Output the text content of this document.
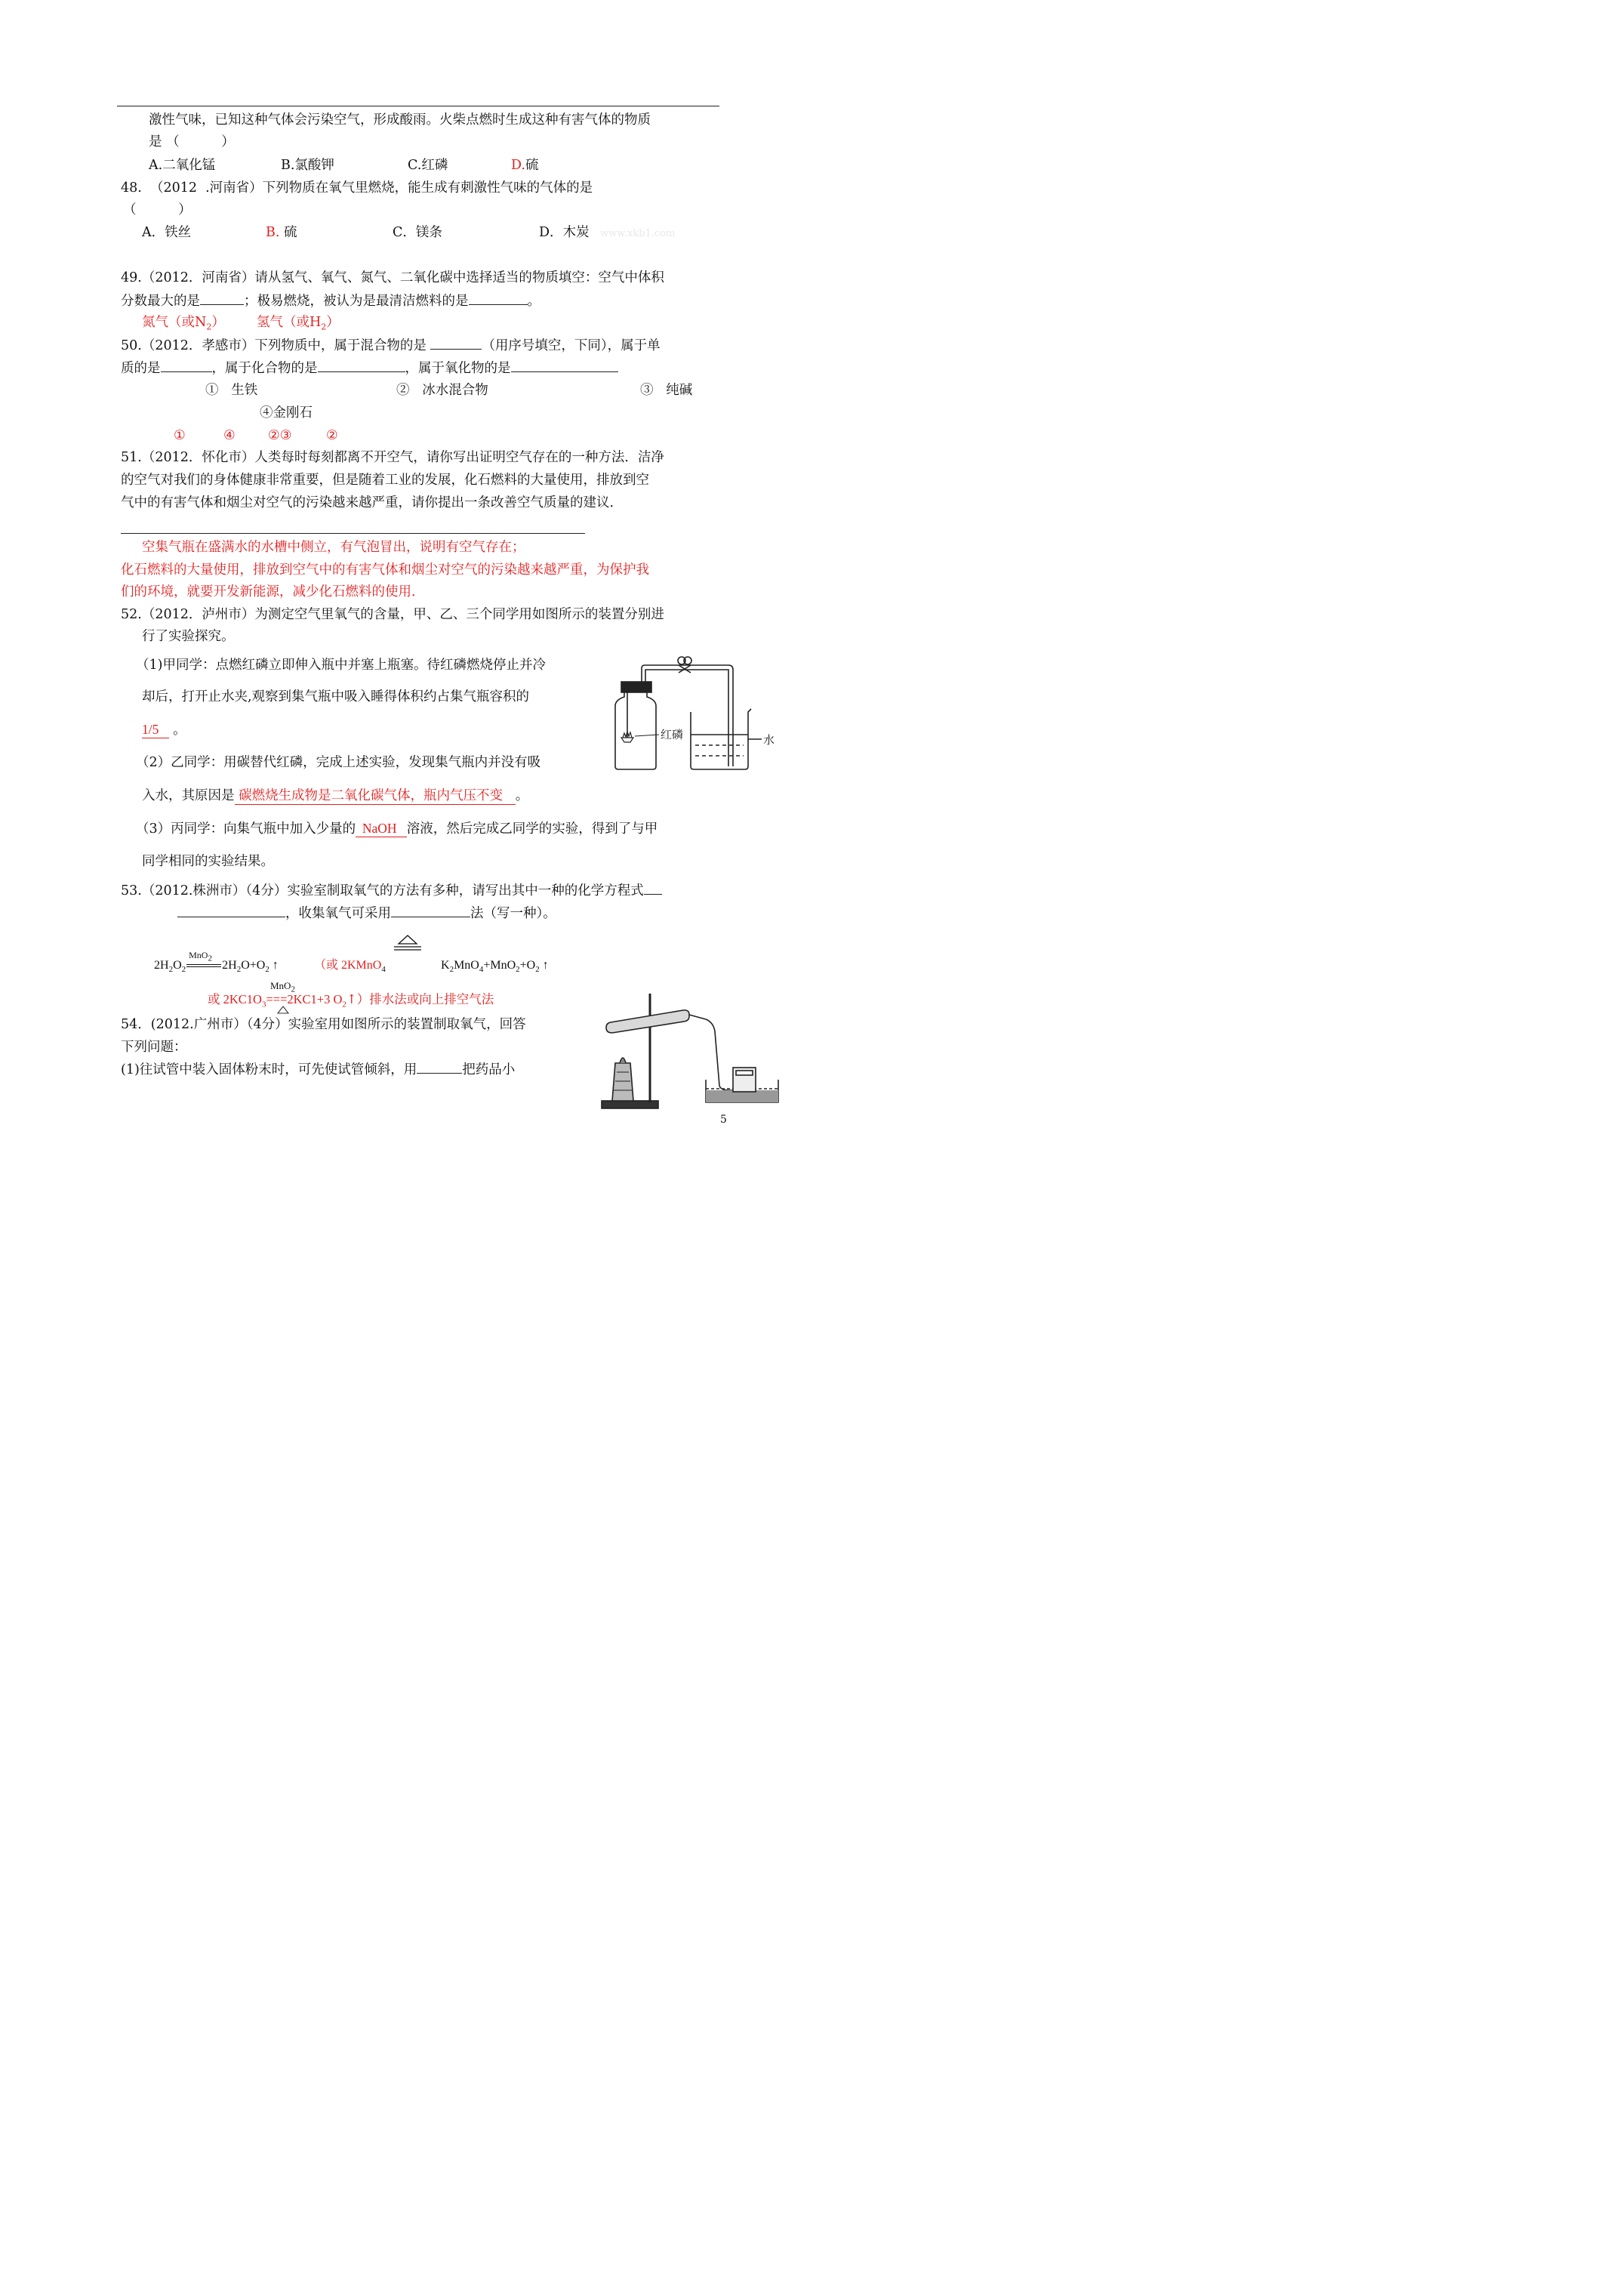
激性气味，已知这种气体会污染空气，形成酸雨。火柴点燃时生成这种有害气体的物质
是 （          ）
A.二氧化锰	B.氯酸钾	C.红磷	D.硫
48.  （2012  .河南省）下列物质在氧气里燃烧，能生成有刺激性气味的气体的是
（          ）
A．铁丝	B. 硫	C．镁条	D．木炭 www.xkb1.com
49.（2012．河南省）请从氢气、氧气、氮气、二氧化碳中选择适当的物质填空：空气中体积
分数最大的是	；极易燃烧，被认为是最清洁燃料的是	。
氮气（或$N_2$） 氢气（或$H_2$）
50.（2012．孝感市）下列物质中，属于混合物的是	（用序号填空，下同），属于单
质的是	，属于化合物的是	，属于氧化物的是
①   生铁	②   冰水混合物	③   纯碱
④金刚石
①	④ ②③	②
51.（2012．怀化市）人类每时每刻都离不开空气，请你写出证明空气存在的一种方法．洁净
的空气对我们的身体健康非常重要，但是随着工业的发展，化石燃料的大量使用，排放到空
气中的有害气体和烟尘对空气的污染越来越严重，请你提出一条改善空气质量的建议．
空集气瓶在盛满水的水槽中侧立，有气泡冒出，说明有空气存在；
化石燃料的大量使用，排放到空气中的有害气体和烟尘对空气的污染越来越严重，为保护我
们的环境，就要开发新能源，减少化石燃料的使用．
52.（2012．泸州市）为测定空气里氧气的含量，甲、乙、三个同学用如图所示的装置分别进
行了实验探究。
（1)甲同学：点燃红磷立即伸入瓶中并塞上瓶塞。待红磷燃烧停止并冷
却后，打开止水夹,观察到集气瓶中吸入睡得体积约占集气瓶容积的
1/5    。
（2）乙同学：用碳替代红磷，完成上述实验，发现集气瓶内并没有吸
入水，其原因是 碳燃烧生成物是二氧化碳气体，瓶内气压不变   。
（3）丙同学：向集气瓶中加入少量的  NaOH   溶液，然后完成乙同学的实验，得到了与甲
同学相同的实验结果。
红磷	水
53.（2012.株洲市）（4分）实验室制取氧气的方法有多种，请写出其中一种的化学方程式
，收集氧气可采用	法（写一种）。

$2H_2O_2$
MnO$_2$
$2H_2O+O_2$ ↑	（或 2KMnO$_4$	$K_2MnO_4+MnO_2+O_2$ ↑

MnO$_2$
或 $2KC1O_3===2KC1+3$ $O_2↑$）排水法或向上排空气法
54．(2012.广州市）（4分）实验室用如图所示的装置制取氧气，回答
下列问题：
(1)往试管中装入固体粉末时，可先使试管倾斜，用	把药品小
5
